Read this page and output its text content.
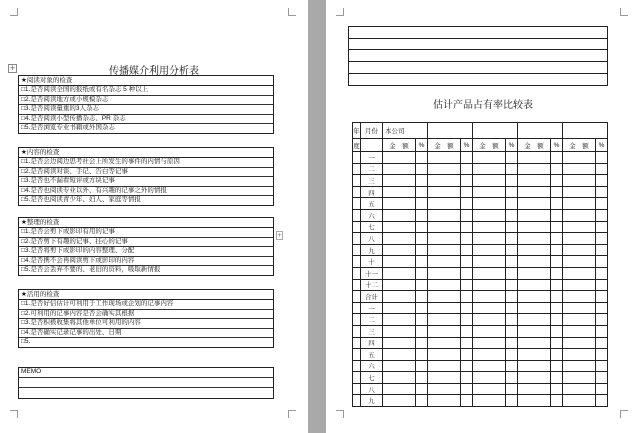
+	传播媒介利用分析表
★阅读对象的检查
□1.是否阅读全国的报纸或有名杂志 5 种以上
□2.是否阅读地方或小规模杂志
□3.是否阅读量重的3人杂志
□4.是否阅读小型传播杂志、PR 杂志
□5.是否浏览专业书籍或外国杂志
★内容的检查
□1.是否会边阅边思考社会上所发生的事件的内情与原因
□2.是否阅读对谈、手记、告白等记事
□3.是否也不漏看短评或方块记事
□4.是否也阅读专业以外、有兴趣的记事之外的情报
□5.是否也阅读青少年、妇人、家庭等情报
★整理的检查
□1.是否会剪下或影印有用的记事
□2.是否剪下有趣的记事、挂心的记事
□3.是否将剪下或影印的内容整理、分配
□4.是否携不会再阅读剪下或影印的内容
□5.是否会丢弃不要的、老旧的资料，吸取新情报
★活用的检查
□1.是否好信估计可利用于工作现场或企划的记事内容
□2.可利用的记事内容是否会确实其根据
□3.是否积极收集将其他单位可利用的内容
□4.是否确实记录记事的出处、日期
□5.
+
MEMO
估计产品占有率比较表
年	月份	本公司									
度		金　额	%	金　额	%	金　额	%	金　额	%	金　额	%
	一										
	二										
	三										
	四										
	五										
	六										
	七										
	八										
	九										
	十										
	十一										
	十二										
	合计										
	一										
	二										
	三										
	四										
	五										
	六										
	七										
	八										
	九										
